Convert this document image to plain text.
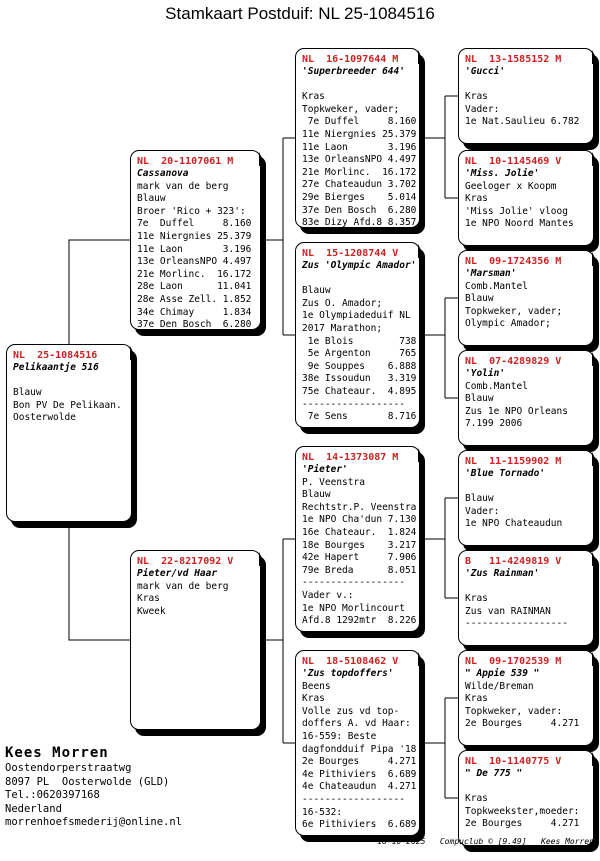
Stamkaart Postduif: NL 25-1084516
NL  25-1084516
Pelikaantje 516

Blauw
Bon PV De Pelikaan.
Oosterwolde
NL  20-1107061 M
Cassanova
mark van de berg
Blauw
Broer 'Rico + 323':
7e  Duffel     8.160
11e Niergnies 25.379
11e Laon       3.196
13e OrleansNPO 4.497
21e Morlinc.  16.172
28e Laon      11.041
28e Asse Zell. 1.852
34e Chimay     1.834
37e Den Bosch  6.280
NL  22-8217092 V
Pieter/vd Haar
mark van de berg
Kras
Kweek
NL  16-1097644 M
'Superbreeder 644'

Kras
Topkweker, vader;
7e Duffel     8.160
11e Niergnies 25.379
11e Laon       3.196
13e OrleansNPO 4.497
21e Morlinc.  16.172
27e Chateaudun 3.702
29e Bierges    5.014
37e Den Bosch  6.280
83e Dizy Afd.8 8.357
NL  15-1208744 V
Zus 'Olympic Amador'

Blauw
Zus O. Amador;
1e Olympiadeduif NL
2017 Marathon;
1e Blois        738
5e Argenton     765
9e Souppes    6.888
38e Issoudun   3.319
75e Chateaur.  4.895
------------------
7e Sens       8.716
NL  14-1373087 M
'Pieter'
P. Veenstra
Blauw
Rechtstr.P. Veenstra
1e NPO Cha'dun 7.130
16e Chateaur.  1.824
18e Bourges    3.217
42e Hapert     7.906
79e Breda      8.051
------------------
Vader v.:
1e NPO Morlincourt
Afd.8 1292mtr  8.226
NL  18-5108462 V
'Zus topdoffers'
Beens
Kras
Volle zus vd top-
doffers A. vd Haar:
16-559: Beste
dagfondduif Pipa '18
2e Bourges     4.271
4e Pithiviers  6.689
4e Chateaudun  4.271
------------------
16-532:
6e Pithiviers  6.689
NL  13-1585152 M
'Gucci'

Kras
Vader:
1e Nat.Saulieu 6.782
NL  10-1145469 V
'Miss. Jolie'
Geeloger x Koopm
Kras
'Miss Jolie' vloog
1e NPO Noord Mantes
NL  09-1724356 M
'Marsman'
Comb.Mantel
Blauw
Topkweker, vader;
Olympic Amador;
NL  07-4289829 V
'Yolin'
Comb.Mantel
Blauw
Zus 1e NPO Orleans
7.199 2006
NL  11-1159902 M
'Blue Tornado'

Blauw
Vader:
1e NPO Chateaudun
B   11-4249819 V
'Zus Rainman'

Kras
Zus van RAINMAN
------------------
NL  09-1702539 M
" Appie 539 "
Wilde/Breman
Kras
Topkweker, vader:
2e Bourges     4.271
NL  10-1140775 V
" De 775 "

Kras
Topkweekster,moeder:
2e Bourges     4.271
Kees Morren
Oostendorperstraatwg
8097 PL  Oosterwolde (GLD)
Tel.:0620397168
Nederland
morrenhoefsmederij@online.nl
18-10-2025   Compuclub © [9.49]   Kees Morren
